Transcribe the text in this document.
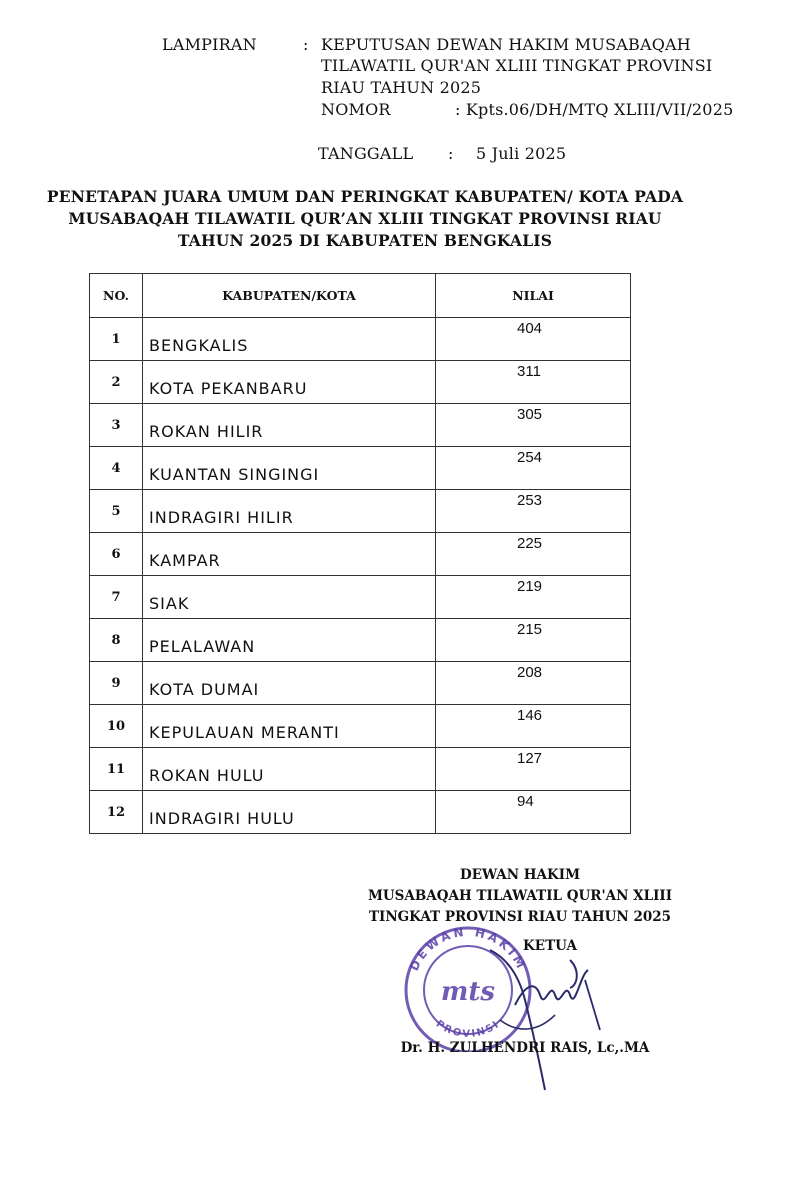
LAMPIRAN	: KEPUTUSAN DEWAN HAKIM MUSABAQAH
TILAWATIL QUR'AN XLIII TINGKAT PROVINSI
RIAU TAHUN 2025
NOMOR	: Kpts.06/DH/MTQ XLIII/VII/2025
TANGGALL : 5 Juli 2025
PENETAPAN JUARA UMUM DAN PERINGKAT KABUPATEN/ KOTA PADA
MUSABAQAH TILAWATIL QUR’AN XLIII TINGKAT PROVINSI RIAU
TAHUN 2025 DI KABUPATEN BENGKALIS
NO.	KABUPATEN/KOTA	NILAI
1	BENGKALIS	404
2	KOTA PEKANBARU	311
3	ROKAN HILIR	305
4	KUANTAN SINGINGI	254
5	INDRAGIRI HILIR	253
6	KAMPAR	225
7	SIAK	219
8	PELALAWAN	215
9	KOTA DUMAI	208
10	KEPULAUAN MERANTI	146
11	ROKAN HULU	127
12	INDRAGIRI HULU	94
DEWAN HAKIM
MUSABAQAH TILAWATIL QUR'AN XLIII
TINGKAT PROVINSI RIAU TAHUN 2025
DEWAN HAKIM
PROVINSI
mts
KETUA
Dr. H. ZULHENDRI RAIS, Lc,.MA
